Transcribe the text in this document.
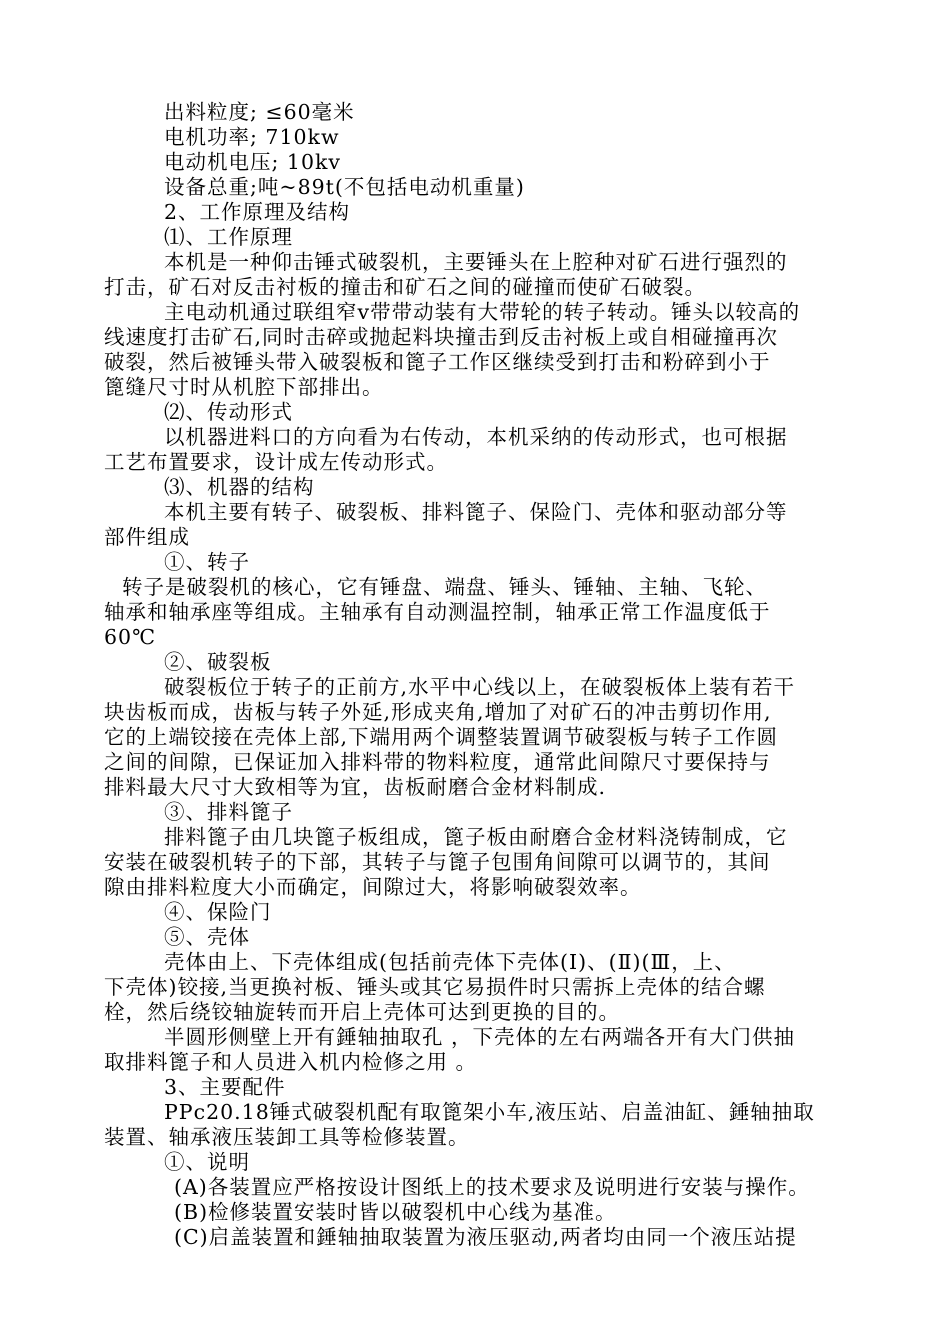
出料粒度; ≤60毫米
电机功率; 710kw
电动机电压; 10kv
设备总重;吨~89t(不包括电动机重量)
2、工作原理及结构
⑴、工作原理
本机是一种仰击锤式破裂机，主要锤头在上腔种对矿石进行强烈的
打击，矿石对反击衬板的撞击和矿石之间的碰撞而使矿石破裂。
主电动机通过联组窄ⅴ带带动装有大带轮的转子转动。锤头以较高的
线速度打击矿石,同时击碎或抛起料块撞击到反击衬板上或自相碰撞再次
破裂，然后被锤头带入破裂板和篦子工作区继续受到打击和粉碎到小于
篦缝尺寸时从机腔下部排出。
⑵、传动形式
以机器进料口的方向看为右传动，本机采纳的传动形式，也可根据
工艺布置要求，设计成左传动形式。
⑶、机器的结构
本机主要有转子、破裂板、排料篦子、保险门、壳体和驱动部分等
部件组成
①、转子
转子是破裂机的核心，它有锤盘、端盘、锤头、锤轴、主轴、飞轮、
轴承和轴承座等组成。主轴承有自动测温控制，轴承正常工作温度低于
60℃
②、破裂板
破裂板位于转子的正前方,水平中心线以上，在破裂板体上装有若干
块齿板而成，齿板与转子外延,形成夹角,增加了对矿石的冲击剪切作用,
它的上端铰接在壳体上部,下端用两个调整装置调节破裂板与转子工作圆
之间的间隙，已保证加入排料带的物料粒度，通常此间隙尺寸要保持与
排料最大尺寸大致相等为宜，齿板耐磨合金材料制成.
③、排料篦子
排料篦子由几块篦子板组成，篦子板由耐磨合金材料浇铸制成，它
安装在破裂机转子的下部，其转子与篦子包围角间隙可以调节的，其间
隙由排料粒度大小而确定，间隙过大，将影响破裂效率。
④、保险门
⑤、壳体
壳体由上、下壳体组成(包括前壳体下壳体(Ⅰ)、(Ⅱ)(Ⅲ，上、
下壳体)铰接,当更换衬板、锤头或其它易损件时只需拆上壳体的结合螺
栓，然后绕铰轴旋转而开启上壳体可达到更换的目的。
半圆形侧壁上开有錘轴抽取孔 ，下壳体的左右两端各开有大门供抽
取排料篦子和人员进入机内检修之用 。
3、主要配件
PPc20.18锤式破裂机配有取篦架小车,液压站、启盖油缸、錘轴抽取
装置、轴承液压装卸工具等检修装置。
①、说明
(A)各装置应严格按设计图纸上的技术要求及说明进行安装与操作。
(B)检修装置安装时皆以破裂机中心线为基准。
(C)启盖装置和錘轴抽取装置为液压驱动,两者均由同一个液压站提
